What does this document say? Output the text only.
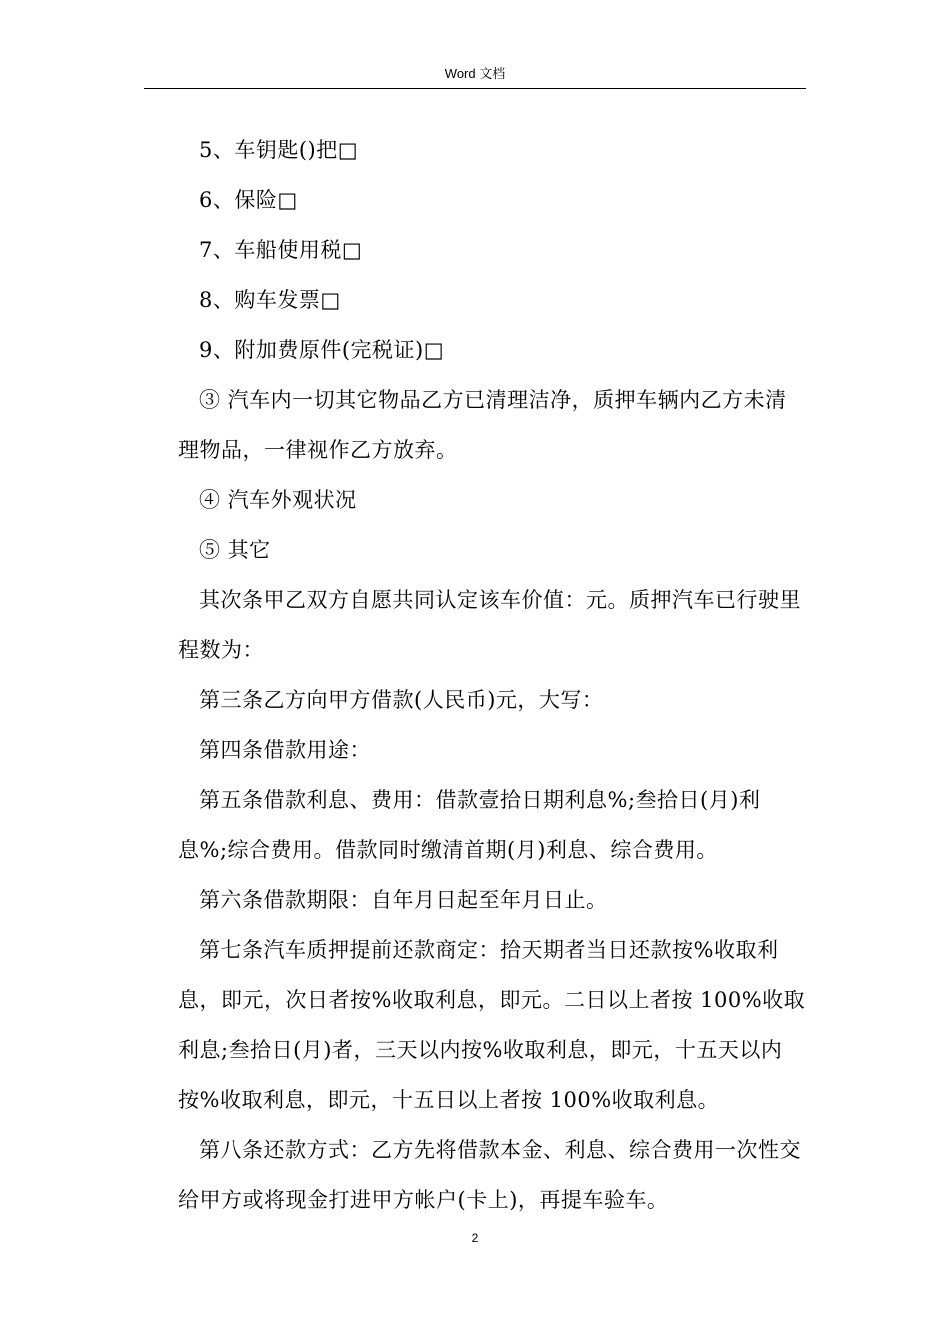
Word 文档

5、车钥匙()把□

6、保险□

7、车船使用税□

8、购车发票□

9、附加费原件(完税证)□

③ 汽车内一切其它物品乙方已清理洁净，质押车辆内乙方未清理物品，一律视作乙方放弃。

④ 汽车外观状况

⑤ 其它

其次条甲乙双方自愿共同认定该车价值：元。质押汽车已行驶里程数为：

第三条乙方向甲方借款(人民币)元，大写：

第四条借款用途：

第五条借款利息、费用：借款壹拾日期利息%;叁拾日(月)利息%;综合费用。借款同时缴清首期(月)利息、综合费用。

第六条借款期限：自年月日起至年月日止。

第七条汽车质押提前还款商定：拾天期者当日还款按%收取利息，即元，次日者按%收取利息，即元。二日以上者按 100%收取利息;叁拾日(月)者，三天以内按%收取利息，即元，十五天以内按%收取利息，即元，十五日以上者按 100%收取利息。

第八条还款方式：乙方先将借款本金、利息、综合费用一次性交给甲方或将现金打进甲方帐户(卡上)，再提车验车。

2
